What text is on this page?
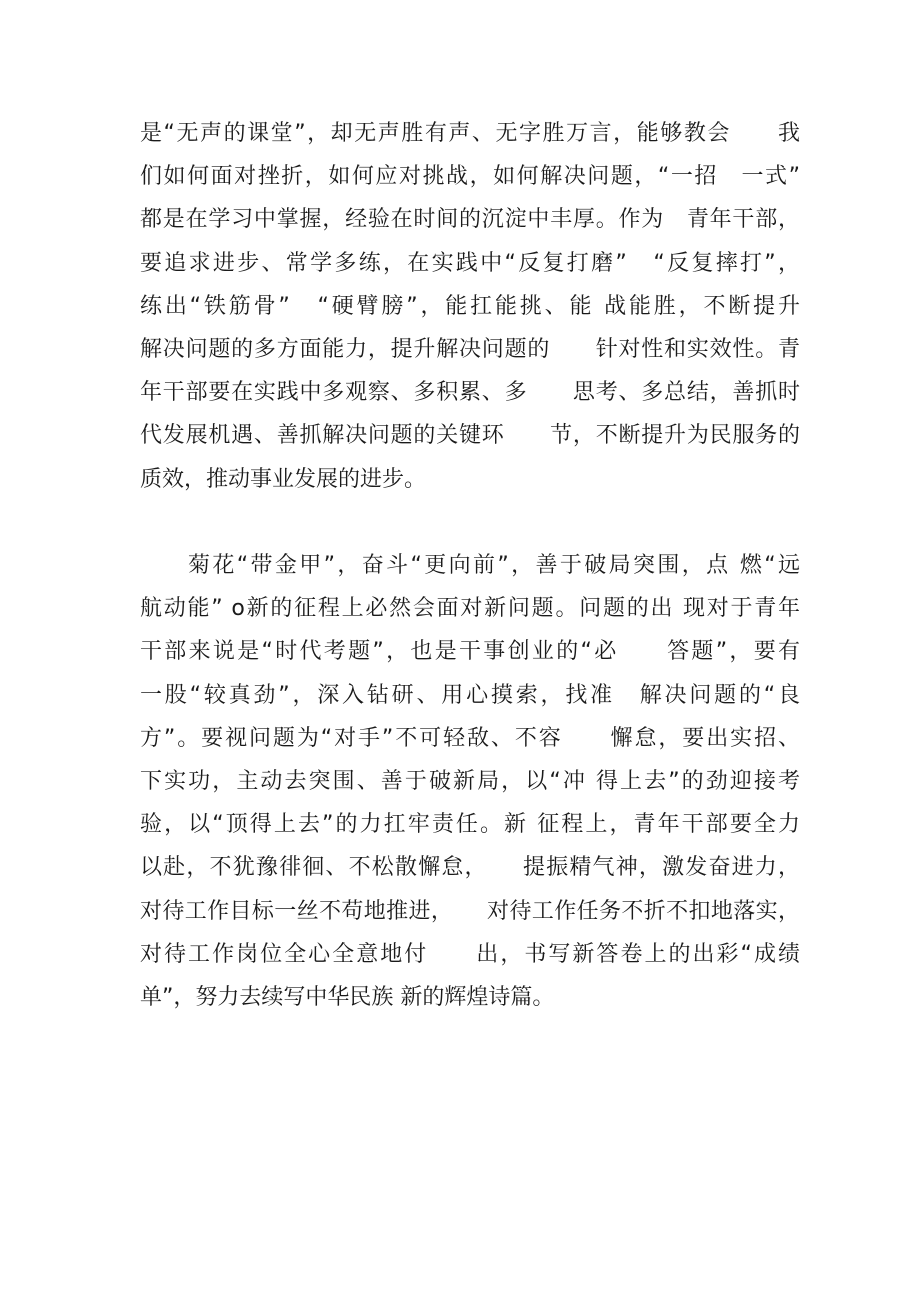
是“无声的课堂”，却无声胜有声、无字胜万言，能够教会　　我
们如何面对挫折，如何应对挑战，如何解决问题，“一招　一式”
都是在学习中掌握，经验在时间的沉淀中丰厚。作为　青年干部，
要追求进步、常学多练，在实践中“反复打磨”　“反复摔打”，
练出“铁筋骨”　“硬臂膀”，能扛能挑、能 战能胜，不断提升
解决问题的多方面能力，提升解决问题的　　针对性和实效性。青
年干部要在实践中多观察、多积累、多　　思考、多总结，善抓时
代发展机遇、善抓解决问题的关键环　　节，不断提升为民服务的
质效，推动事业发展的进步。
菊花“带金甲”，奋斗“更向前”，善于破局突围，点 燃“远
航动能” o新的征程上必然会面对新问题。问题的出 现对于青年
干部来说是“时代考题”，也是干事创业的“必　　答题”，要有
一股“较真劲”，深入钻研、用心摸索，找准　解决问题的“良
方”。要视问题为“对手”不可轻敌、不容　　懈怠，要出实招、
下实功，主动去突围、善于破新局，以“冲 得上去”的劲迎接考
验，以“顶得上去”的力扛牢责任。新 征程上，青年干部要全力
以赴，不犹豫徘徊、不松散懈怠，　　提振精气神，激发奋进力，
对待工作目标一丝不苟地推进，　　对待工作任务不折不扣地落实，
对待工作岗位全心全意地付　　出，书写新答卷上的出彩“成绩
单”，努力去续写中华民族 新的辉煌诗篇。
